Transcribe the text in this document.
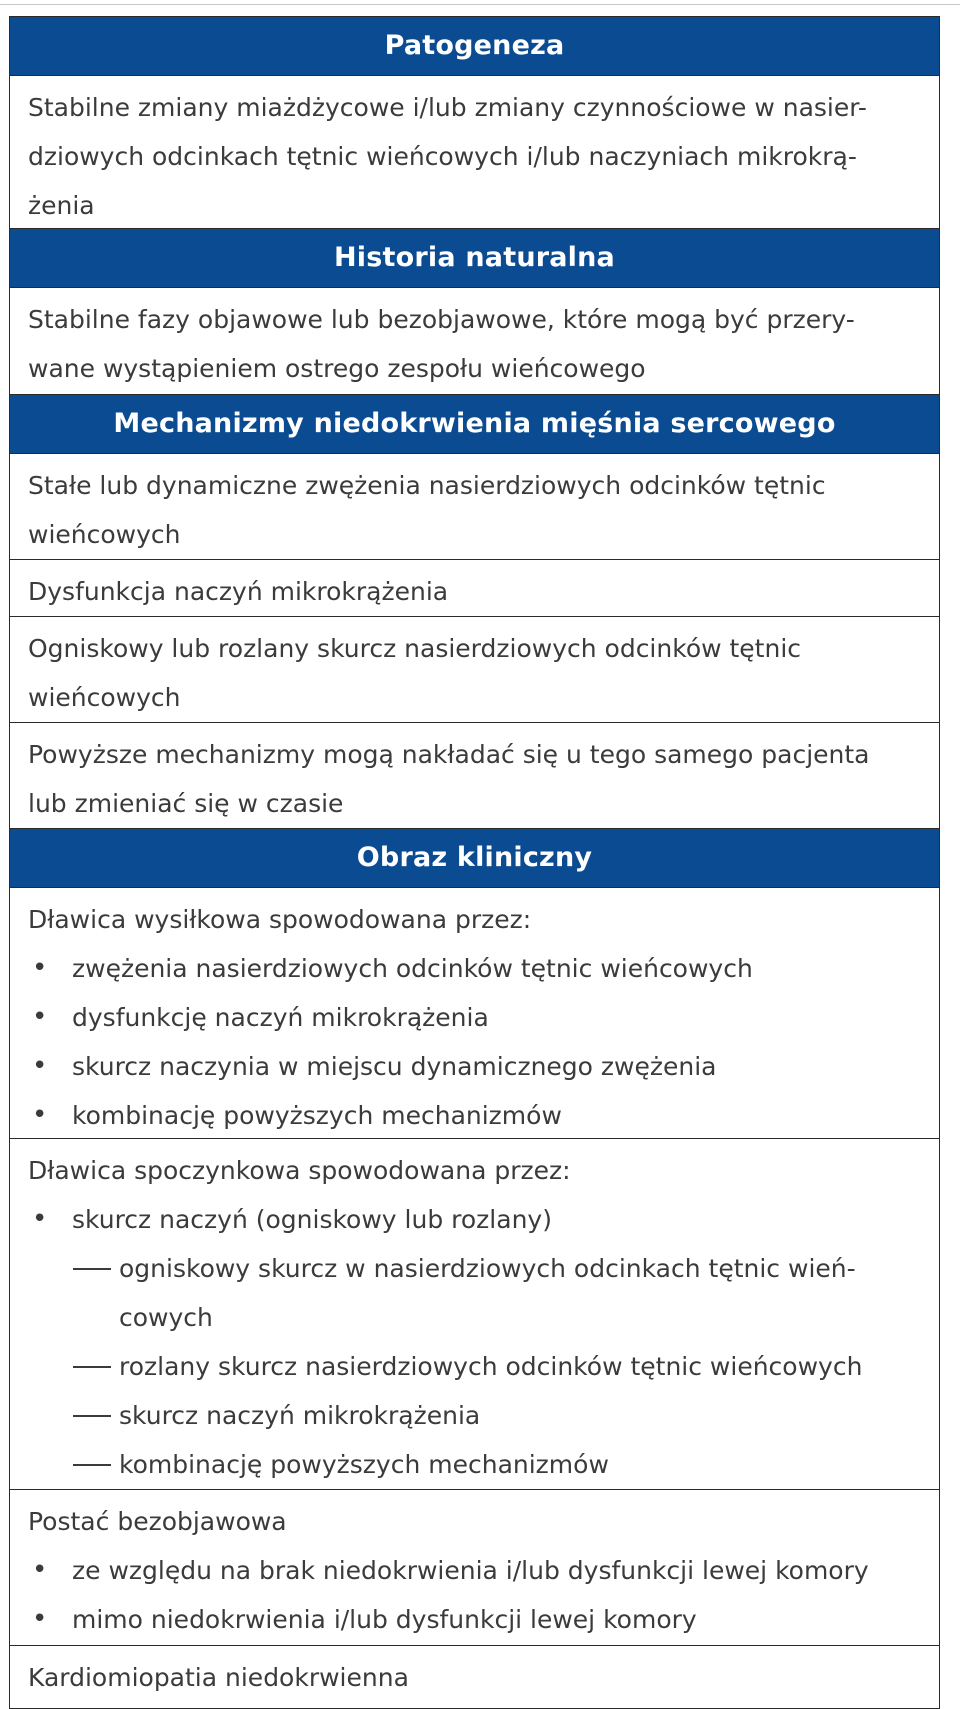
Patogeneza
Stabilne zmiany miażdżycowe i/lub zmiany czynnościowe w nasier-
dziowych odcinkach tętnic wieńcowych i/lub naczyniach mikrokrą-
żenia
Historia naturalna
Stabilne fazy objawowe lub bezobjawowe, które mogą być przery-
wane wystąpieniem ostrego zespołu wieńcowego
Mechanizmy niedokrwienia mięśnia sercowego
Stałe lub dynamiczne zwężenia nasierdziowych odcinków tętnic
wieńcowych
Dysfunkcja naczyń mikrokrążenia
Ogniskowy lub rozlany skurcz nasierdziowych odcinków tętnic
wieńcowych
Powyższe mechanizmy mogą nakładać się u tego samego pacjenta
lub zmieniać się w czasie
Obraz kliniczny
Dławica wysiłkowa spowodowana przez:
• zwężenia nasierdziowych odcinków tętnic wieńcowych
• dysfunkcję naczyń mikrokrążenia
• skurcz naczynia w miejscu dynamicznego zwężenia
• kombinację powyższych mechanizmów
Dławica spoczynkowa spowodowana przez:
• skurcz naczyń (ogniskowy lub rozlany)
ogniskowy skurcz w nasierdziowych odcinkach tętnic wień-
cowych
rozlany skurcz nasierdziowych odcinków tętnic wieńcowych
skurcz naczyń mikrokrążenia
kombinację powyższych mechanizmów
Postać bezobjawowa
• ze względu na brak niedokrwienia i/lub dysfunkcji lewej komory
• mimo niedokrwienia i/lub dysfunkcji lewej komory
Kardiomiopatia niedokrwienna
